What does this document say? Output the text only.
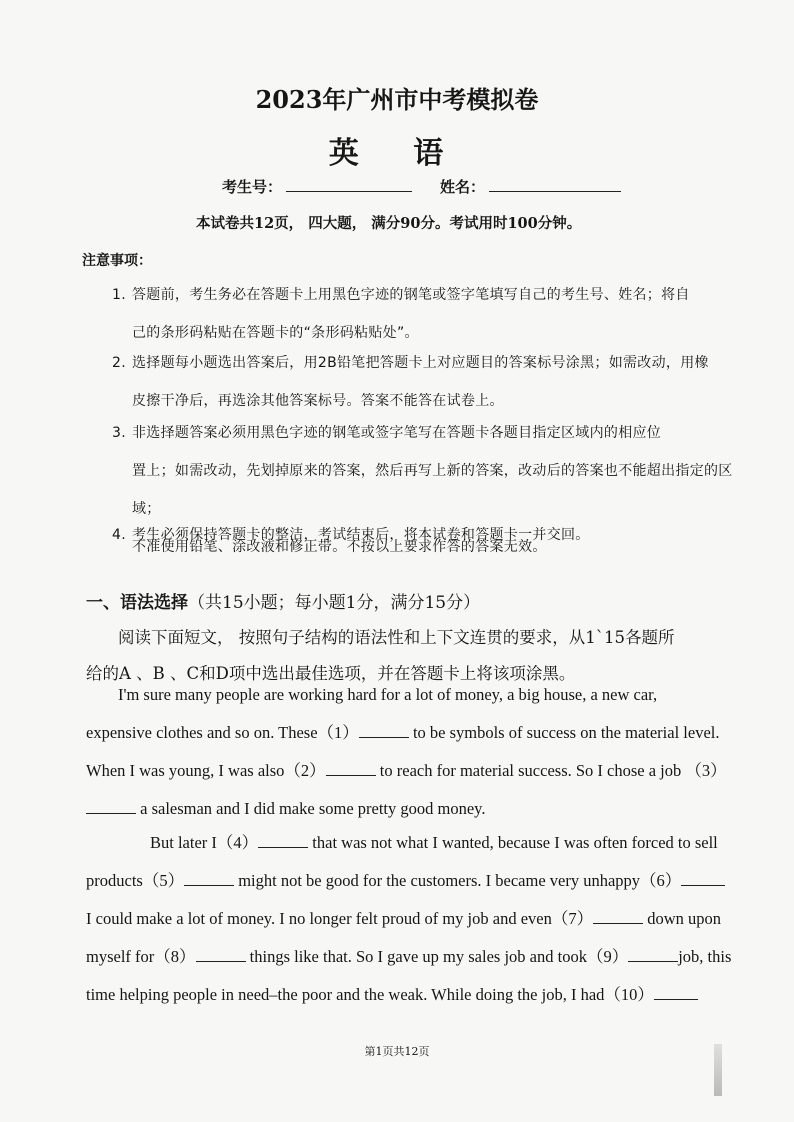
2023年广州市中考模拟卷
英 语
考生号：	姓名：
本试卷共12页， 四大题， 满分90分。考试用时100分钟。
注意事项：
1. 答题前，考生务必在答题卡上用黑色字迹的钢笔或签字笔填写自己的考生号、姓名；将自
己的条形码粘贴在答题卡的“条形码粘贴处”。
2. 选择题每小题选出答案后，用2B铅笔把答题卡上对应题目的答案标号涂黑；如需改动，用橡
皮擦干净后，再选涂其他答案标号。答案不能答在试卷上。
3. 非选择题答案必须用黑色字迹的钢笔或签字笔写在答题卡各题目指定区域内的相应位
置上；如需改动，先划掉原来的答案，然后再写上新的答案，改动后的答案也不能超出指定的区域；
不准使用铅笔、涂改液和修正带。不按以上要求作答的答案无效。
4. 考生必须保持答题卡的整洁，考试结束后，将本试卷和答题卡一并交回。
一、语法选择（共15小题；每小题1分，满分15分）
阅读下面短文， 按照句子结构的语法性和上下文连贯的要求，从1`15各题所
给的A 、B 、C和D项中选出最佳选项，并在答题卡上将该项涂黑。
I'm sure many people are working hard for a lot of money, a big house, a new car,
expensive clothes and so on. These（1）	to be symbols of success on the material level.
When I was young, I was also（2）	to reach for material success. So I chose a job （3）
a salesman and I did make some pretty good money.
But later I（4）	that was not what I wanted, because I was often forced to sell
products（5）	might not be good for the customers. I became very unhappy（6）
I could make a lot of money. I no longer felt proud of my job and even（7）	down upon
myself for（8）	things like that. So I gave up my sales job and took（9）	job, this
time helping people in need–the poor and the weak. While doing the job, I had（10）
第1页共12页
